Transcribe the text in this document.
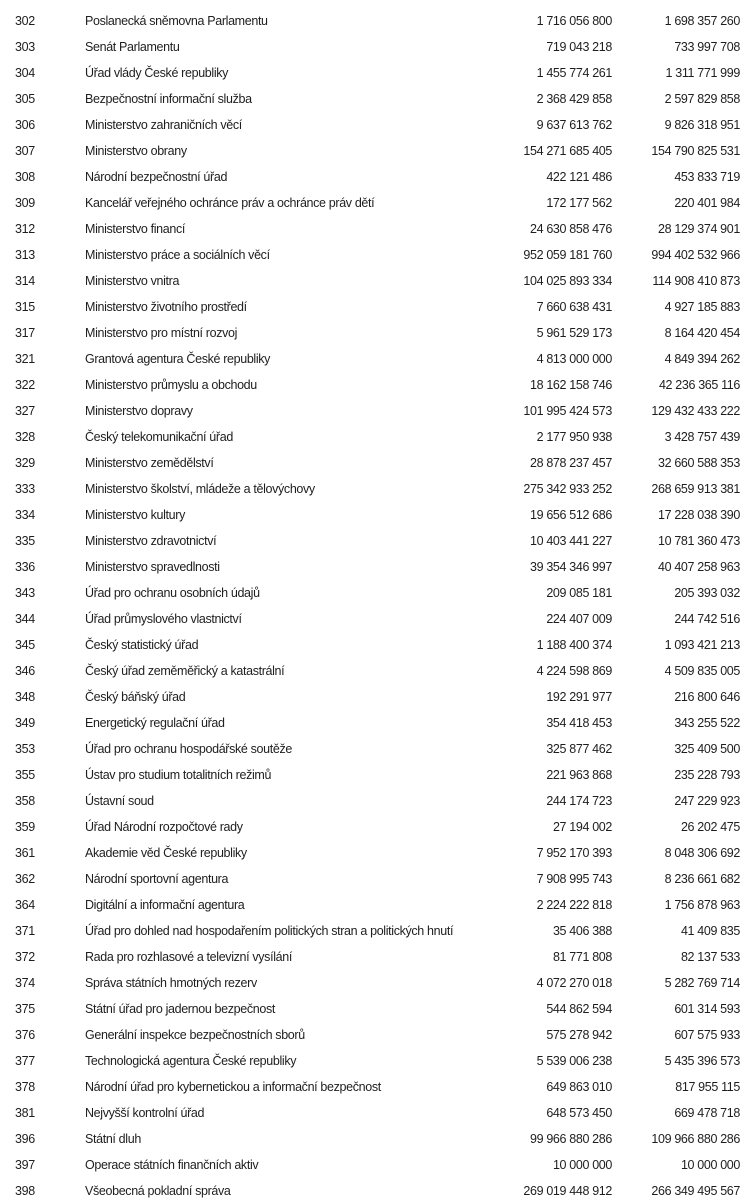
302	Poslanecká sněmovna Parlamentu	1 716 056 800	1 698 357 260
303	Senát Parlamentu	719 043 218	733 997 708
304	Úřad vlády České republiky	1 455 774 261	1 311 771 999
305	Bezpečnostní informační služba	2 368 429 858	2 597 829 858
306	Ministerstvo zahraničních věcí	9 637 613 762	9 826 318 951
307	Ministerstvo obrany	154 271 685 405	154 790 825 531
308	Národní bezpečnostní úřad	422 121 486	453 833 719
309	Kancelář veřejného ochránce práv a ochránce práv dětí	172 177 562	220 401 984
312	Ministerstvo financí	24 630 858 476	28 129 374 901
313	Ministerstvo práce a sociálních věcí	952 059 181 760	994 402 532 966
314	Ministerstvo vnitra	104 025 893 334	114 908 410 873
315	Ministerstvo životního prostředí	7 660 638 431	4 927 185 883
317	Ministerstvo pro místní rozvoj	5 961 529 173	8 164 420 454
321	Grantová agentura České republiky	4 813 000 000	4 849 394 262
322	Ministerstvo průmyslu a obchodu	18 162 158 746	42 236 365 116
327	Ministerstvo dopravy	101 995 424 573	129 432 433 222
328	Český telekomunikační úřad	2 177 950 938	3 428 757 439
329	Ministerstvo zemědělství	28 878 237 457	32 660 588 353
333	Ministerstvo školství, mládeže a tělovýchovy	275 342 933 252	268 659 913 381
334	Ministerstvo kultury	19 656 512 686	17 228 038 390
335	Ministerstvo zdravotnictví	10 403 441 227	10 781 360 473
336	Ministerstvo spravedlnosti	39 354 346 997	40 407 258 963
343	Úřad pro ochranu osobních údajů	209 085 181	205 393 032
344	Úřad průmyslového vlastnictví	224 407 009	244 742 516
345	Český statistický úřad	1 188 400 374	1 093 421 213
346	Český úřad zeměměřický a katastrální	4 224 598 869	4 509 835 005
348	Český báňský úřad	192 291 977	216 800 646
349	Energetický regulační úřad	354 418 453	343 255 522
353	Úřad pro ochranu hospodářské soutěže	325 877 462	325 409 500
355	Ústav pro studium totalitních režimů	221 963 868	235 228 793
358	Ústavní soud	244 174 723	247 229 923
359	Úřad Národní rozpočtové rady	27 194 002	26 202 475
361	Akademie věd České republiky	7 952 170 393	8 048 306 692
362	Národní sportovní agentura	7 908 995 743	8 236 661 682
364	Digitální a informační agentura	2 224 222 818	1 756 878 963
371	Úřad pro dohled nad hospodařením politických stran a politických hnutí	35 406 388	41 409 835
372	Rada pro rozhlasové a televizní vysílání	81 771 808	82 137 533
374	Správa státních hmotných rezerv	4 072 270 018	5 282 769 714
375	Státní úřad pro jadernou bezpečnost	544 862 594	601 314 593
376	Generální inspekce bezpečnostních sborů	575 278 942	607 575 933
377	Technologická agentura České republiky	5 539 006 238	5 435 396 573
378	Národní úřad pro kybernetickou a informační bezpečnost	649 863 010	817 955 115
381	Nejvyšší kontrolní úřad	648 573 450	669 478 718
396	Státní dluh	99 966 880 286	109 966 880 286
397	Operace státních finančních aktiv	10 000 000	10 000 000
398	Všeobecná pokladní správa	269 019 448 912	266 349 495 567
